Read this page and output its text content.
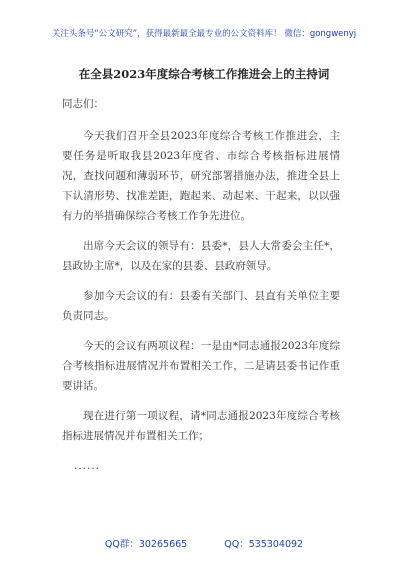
关注头条号“公文研究”，获得最新最全最专业的公文资料库！ 微信：gongwenyj
在全县2023年度综合考核工作推进会上的主持词

同志们：

今天我们召开全县2023年度综合考核工作推进会，主要任务是听取我县2023年度省、市综合考核指标进展情况，查找问题和薄弱环节，研究部署措施办法，推进全县上下认清形势、找准差距，跑起来、动起来、干起来，以以强有力的举措确保综合考核工作争先进位。

出席今天会议的领导有：县委*，县人大常委会主任*，县政协主席*，以及在家的县委、县政府领导。

参加今天会议的有：县委有关部门、县直有关单位主要负责同志。

今天的会议有两项议程：一是由*同志通报2023年度综合考核指标进展情况并布置相关工作，二是请县委书记作重要讲话。

现在进行第一项议程，请*同志通报2023年度综合考核指标进展情况并布置相关工作；

......

QQ群：30265665	QQ：535304092
